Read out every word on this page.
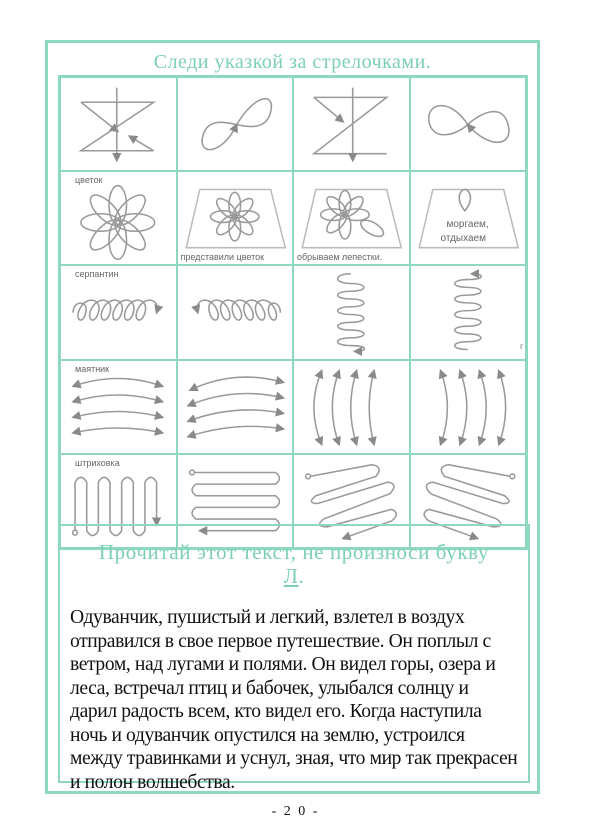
Следи указкой за стрелочками.
цветок
представили цветок	обрываем лепестки.
моргаем,
отдыхаем
серпантин
г
маятник
штриховка
Прочитай этот текст, не произноси букву
Л.
Одуванчик, пушистый и легкий, взлетел в воздух отправился в свое первое путешествие. Он поплыл с ветром, над лугами и полями. Он видел горы, озера и леса, встречал птиц и бабочек, улыбался солнцу и дарил радость всем, кто видел его. Когда наступила ночь и одуванчик опустился на землю, устроился между травинками и уснул, зная, что мир так прекрасен и полон волшебства.
- 2 0 -
